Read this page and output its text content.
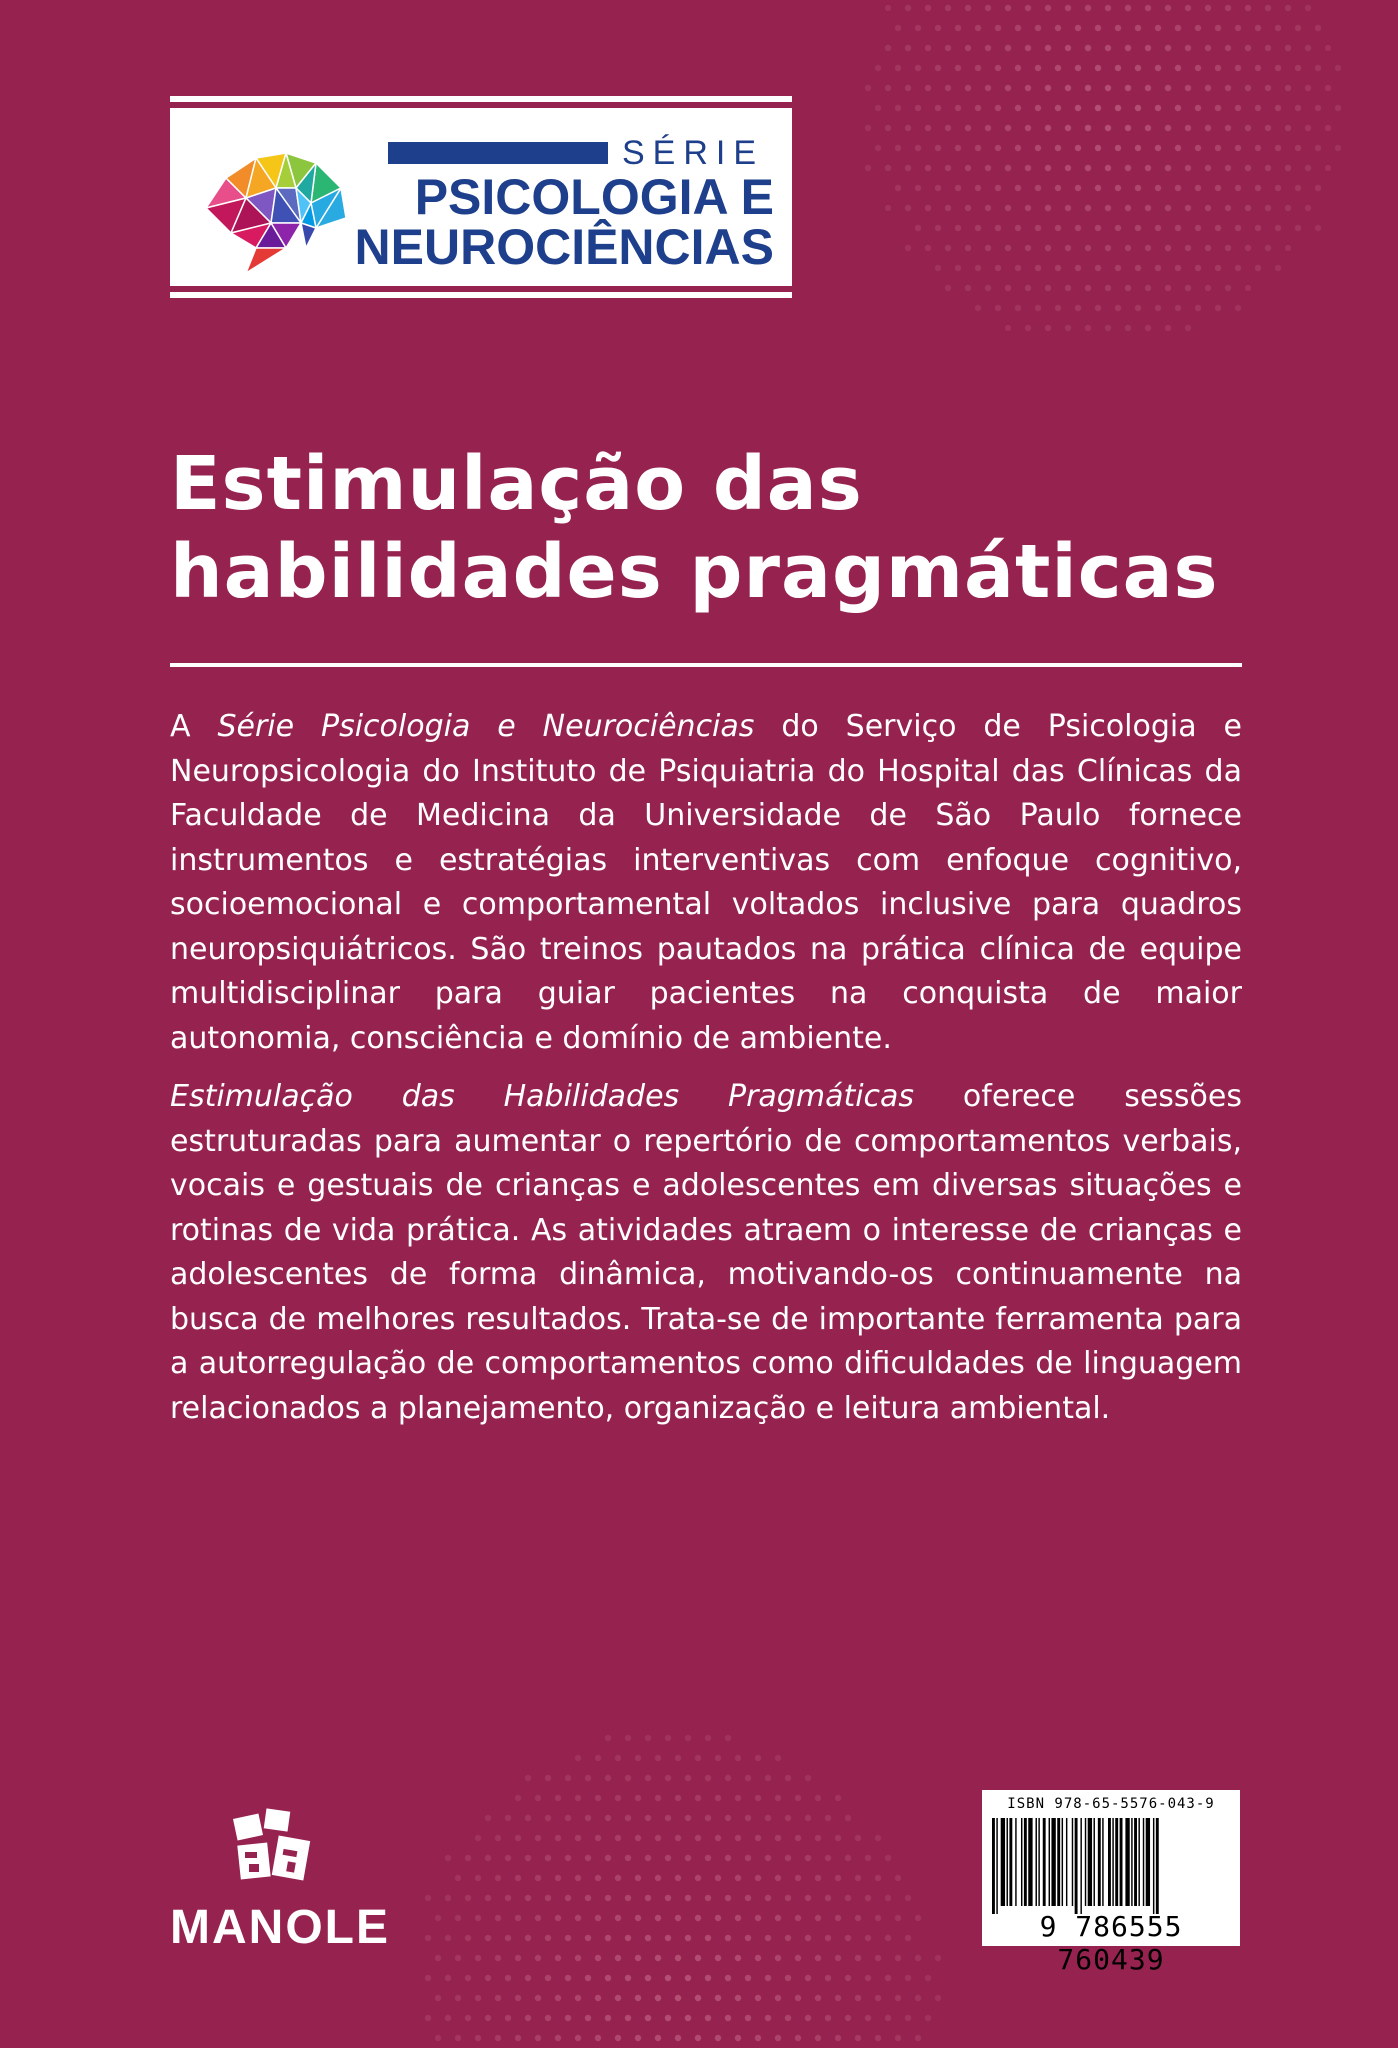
SÉRIE
PSICOLOGIA E
NEUROCIÊNCIAS
Estimulação das
habilidades pragmáticas

A Série Psicologia e Neurociências do Serviço de Psicologia e Neuropsicologia do Instituto de Psiquiatria do Hospital das Clínicas da Faculdade de Medicina da Universidade de São Paulo fornece instrumentos e estratégias interventivas com enfoque cognitivo, socioemocional e comportamental voltados inclusive para quadros neuropsiquiátricos. São treinos pautados na prática clínica de equipe multidisciplinar para guiar pacientes na conquista de maior autonomia, consciência e domínio de ambiente.

Estimulação das Habilidades Pragmáticas oferece sessões estruturadas para aumentar o repertório de comportamentos verbais, vocais e gestuais de crianças e adolescentes em diversas situações e rotinas de vida prática. As atividades atraem o interesse de crianças e adolescentes de forma dinâmica, motivando-os continuamente na busca de melhores resultados. Trata-se de importante ferramenta para a autorregulação de comportamentos como dificuldades de linguagem relacionados a planejamento, organização e leitura ambiental.

MANOLE
ISBN 978-65-5576-043-9
9 786555 760439
